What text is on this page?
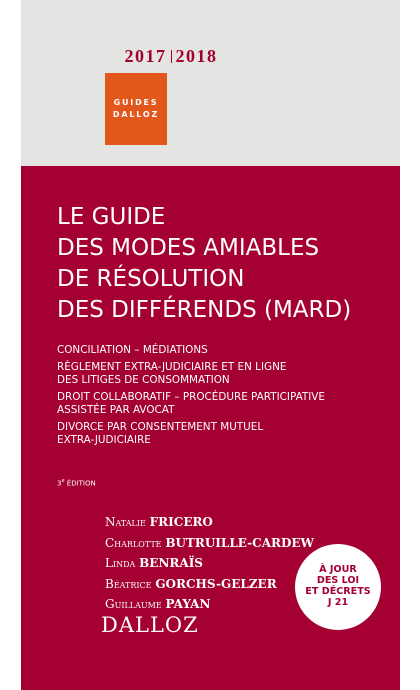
2017 2018
GUIDES
DALLOZ
LE GUIDE
DES MODES AMIABLES
DE RÉSOLUTION
DES DIFFÉRENDS (MARD)
CONCILIATION – MÉDIATIONS
RÈGLEMENT EXTRA-JUDICIAIRE ET EN LIGNE
DES LITIGES DE CONSOMMATION
DROIT COLLABORATIF – PROCÉDURE PARTICIPATIVE
ASSISTÉE PAR AVOCAT
DIVORCE PAR CONSENTEMENT MUTUEL
EXTRA-JUDICIAIRE
3e ÉDITION
Natalie FRICERO
Charlotte BUTRUILLE-CARDEW
Linda BENRAÏS
Béatrice GORCHS-GELZER
Guillaume PAYAN
À JOUR
DES LOI
ET DÉCRETS
J 21
DALLOZ
